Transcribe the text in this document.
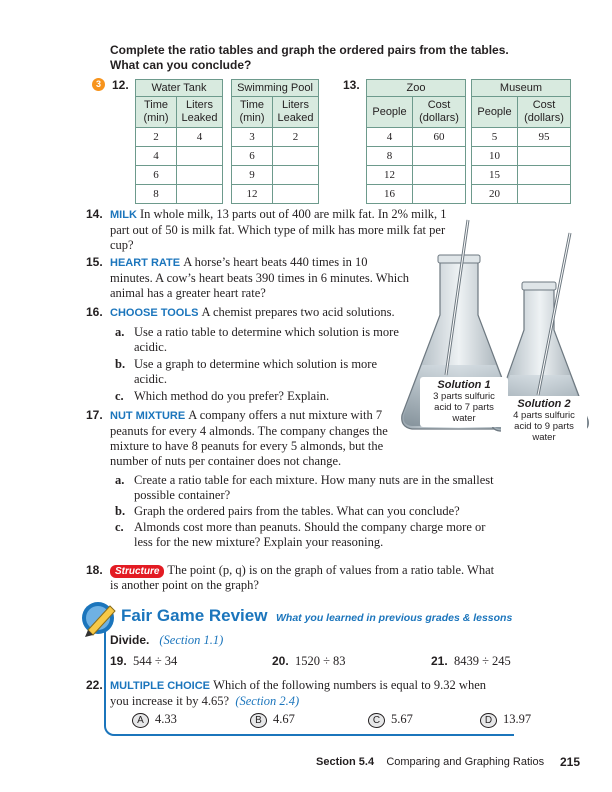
Complete the ratio tables and graph the ordered pairs from the tables. What can you conclude?
3 12. Water Tank	
Time (min)	Liters Leaked
2	4
4	
6	
8	
Swimming Pool	
Time (min)	Liters Leaked
3	2
6	
9	
12	
13.	Zoo	
People	Cost (dollars)
4	60
8	
12	
16	
Museum	
People	Cost (dollars)
5	95
10	
15	
20	
14. MILK In whole milk, 13 parts out of 400 are milk fat. In 2% milk, 1 part out of 50 is milk fat. Which type of milk has more milk fat per cup?
15. HEART RATE A horse’s heart beats 440 times in 10 minutes. A cow’s heart beats 390 times in 6 minutes. Which animal has a greater heart rate?
16. CHOOSE TOOLS A chemist prepares two acid solutions.
a. Use a ratio table to determine which solution is more acidic.
b. Use a graph to determine which solution is more acidic.
c. Which method do you prefer? Explain.
Solution 1
3 parts sulfuric acid to 7 parts water
Solution 2
4 parts sulfuric acid to 9 parts water
17. NUT MIXTURE A company offers a nut mixture with 7 peanuts for every 4 almonds. The company changes the mixture to have 8 peanuts for every 5 almonds, but the number of nuts per container does not change.
a. Create a ratio table for each mixture. How many nuts are in the smallest possible container?
b. Graph the ordered pairs from the tables. What can you conclude?
c. Almonds cost more than peanuts. Should the company charge more or less for the new mixture? Explain your reasoning.
18. Structure The point (p, q) is on the graph of values from a ratio table. What is another point on the graph?
Fair Game Review What you learned in previous grades & lessons
Divide. (Section 1.1)
19. 544 ÷ 34	20. 1520 ÷ 83	21. 8439 ÷ 245
22. MULTIPLE CHOICE Which of the following numbers is equal to 9.32 when you increase it by 4.65? (Section 2.4)
A 4.33	B 4.67	C 5.67	D 13.97
Section 5.4 Comparing and Graphing Ratios 215
